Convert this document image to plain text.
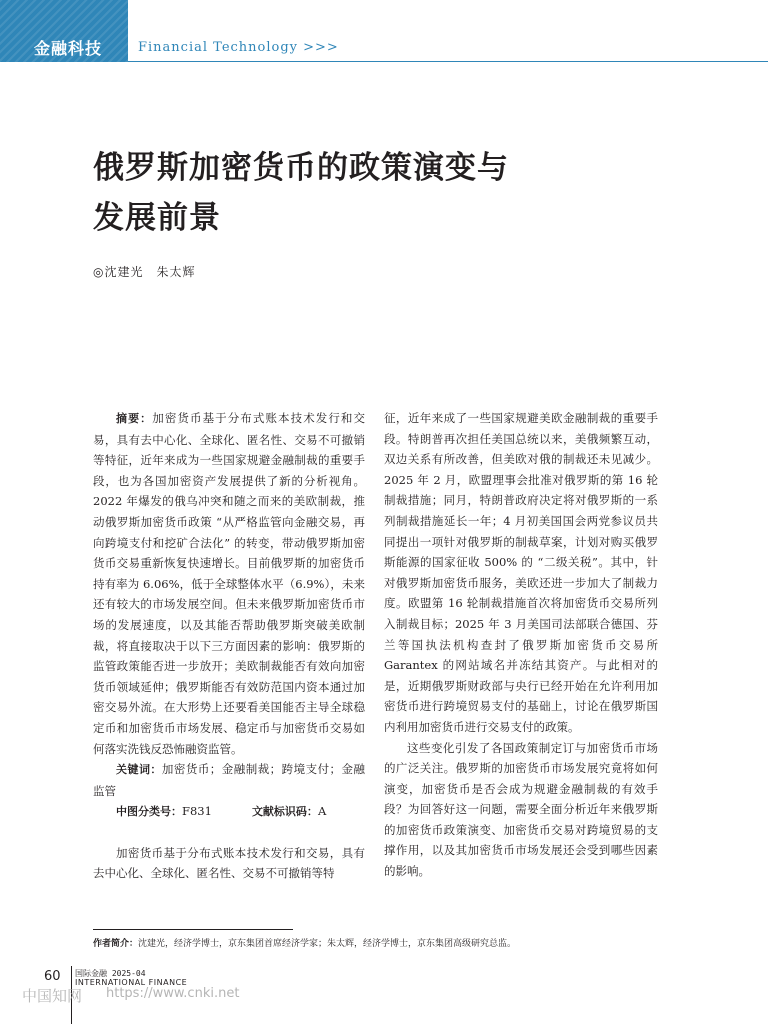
金融科技	Financial Technology >>>
俄罗斯加密货币的政策演变与
发展前景
◎沈建光　朱太辉

摘要：加密货币基于分布式账本技术发行和交易，具有去中心化、全球化、匿名性、交易不可撤销等特征，近年来成为一些国家规避金融制裁的重要手段，也为各国加密资产发展提供了新的分析视角。2022 年爆发的俄乌冲突和随之而来的美欧制裁，推动俄罗斯加密货币政策 “从严格监管向金融交易，再向跨境支付和挖矿合法化” 的转变，带动俄罗斯加密货币交易重新恢复快速增长。目前俄罗斯的加密货币持有率为 6.06%，低于全球整体水平（6.9%），未来还有较大的市场发展空间。但未来俄罗斯加密货币市场的发展速度，以及其能否帮助俄罗斯突破美欧制裁，将直接取决于以下三方面因素的影响：俄罗斯的监管政策能否进一步放开；美欧制裁能否有效向加密货币领域延伸；俄罗斯能否有效防范国内资本通过加密交易外流。在大形势上还要看美国能否主导全球稳定币和加密货币市场发展、稳定币与加密货币交易如何落实洗钱反恐怖融资监管。

关键词：加密货币；金融制裁；跨境支付；金融监管

中图分类号：F831	文献标识码：A

加密货币基于分布式账本技术发行和交易，具有去中心化、全球化、匿名性、交易不可撤销等特

征，近年来成了一些国家规避美欧金融制裁的重要手段。特朗普再次担任美国总统以来，美俄频繁互动，双边关系有所改善，但美欧对俄的制裁还未见减少。2025 年 2 月，欧盟理事会批准对俄罗斯的第 16 轮制裁措施；同月，特朗普政府决定将对俄罗斯的一系列制裁措施延长一年；4 月初美国国会两党参议员共同提出一项针对俄罗斯的制裁草案，计划对购买俄罗斯能源的国家征收 500% 的 “二级关税”。其中，针对俄罗斯加密货币服务，美欧还进一步加大了制裁力度。欧盟第 16 轮制裁措施首次将加密货币交易所列入制裁目标；2025 年 3 月美国司法部联合德国、芬兰等国执法机构查封了俄罗斯加密货币交易所 Garantex 的网站域名并冻结其资产。与此相对的是，近期俄罗斯财政部与央行已经开始在允许利用加密货币进行跨境贸易支付的基础上，讨论在俄罗斯国内利用加密货币进行交易支付的政策。

这些变化引发了各国政策制定订与加密货币市场的广泛关注。俄罗斯的加密货币市场发展究竟将如何演变，加密货币是否会成为规避金融制裁的有效手段？为回答好这一问题，需要全面分析近年来俄罗斯的加密货币政策演变、加密货币交易对跨境贸易的支撑作用，以及其加密货币市场发展还会受到哪些因素的影响。

作者简介：沈建光，经济学博士，京东集团首席经济学家；朱太辉，经济学博士，京东集团高级研究总监。
60 国际金融 2025-04
INTERNATIONAL FINANCE
中国知网 https://www.cnki.net
